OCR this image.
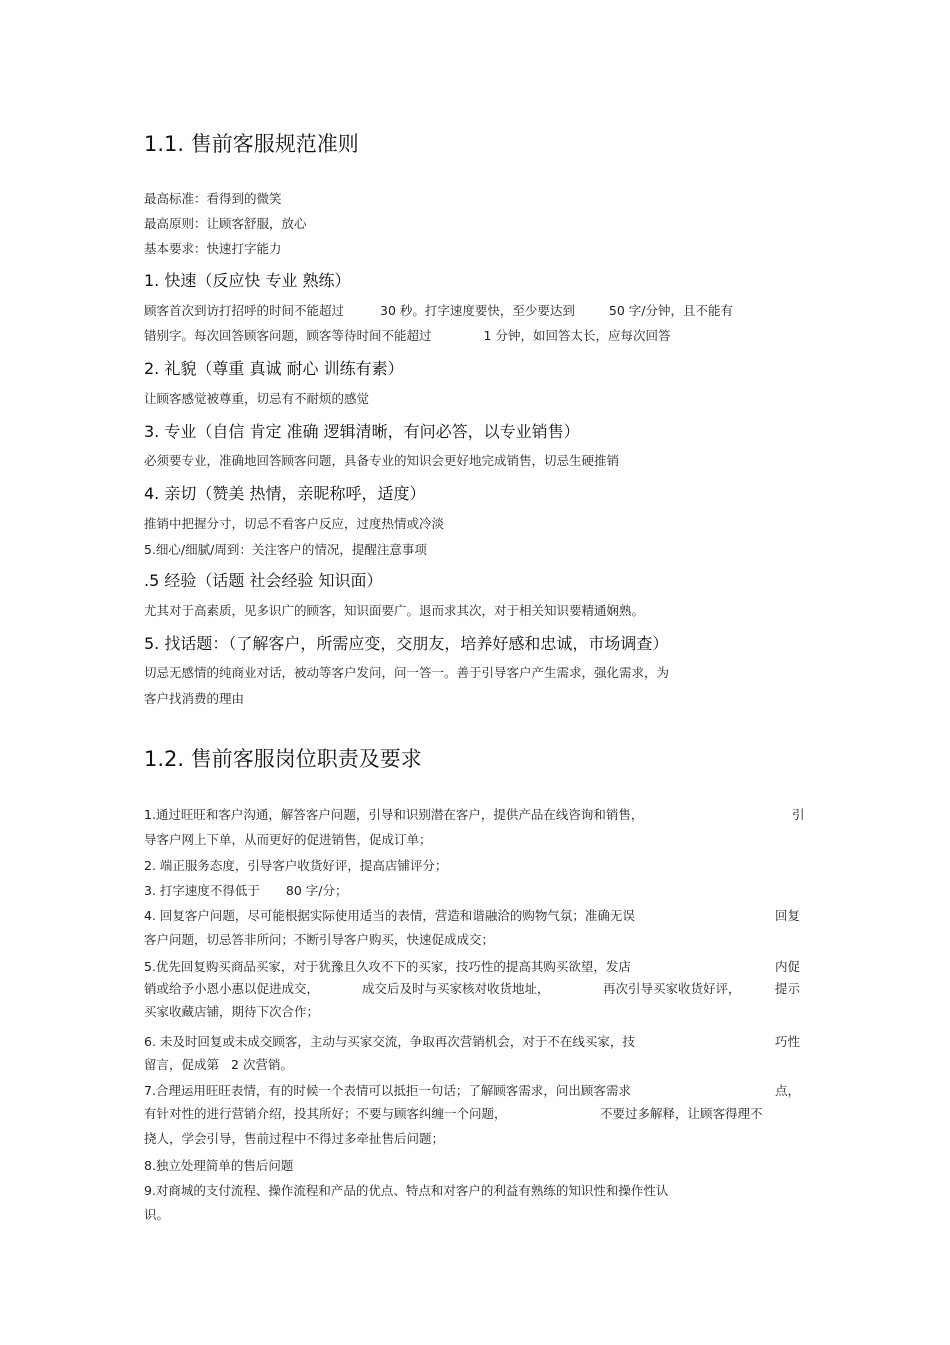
1.1. 售前客服规范准则
最高标准：看得到的微笑
最高原则：让顾客舒服，放心
基本要求：快速打字能力
1. 快速（反应快 专业 熟练）
顾客首次到访打招呼的时间不能超过	30 秒。打字速度要快，至少要达到	50 字/分钟，且不能有
错别字。每次回答顾客问题，顾客等待时间不能超过	1 分钟，如回答太长，应每次回答
2. 礼貌（尊重 真诚 耐心 训练有素）
让顾客感觉被尊重，切忌有不耐烦的感觉
3. 专业（自信 肯定 准确 逻辑清晰，有问必答，以专业销售）
必须要专业，准确地回答顾客问题，具备专业的知识会更好地完成销售，切忌生硬推销
4. 亲切（赞美 热情，亲昵称呼，适度）
推销中把握分寸，切忌不看客户反应，过度热情或冷淡
5.细心/细腻/周到：关注客户的情况，提醒注意事项
.5 经验（话题 社会经验 知识面）
尤其对于高素质，见多识广的顾客，知识面要广。退而求其次，对于相关知识要精通娴熟。
5. 找话题：（了解客户，所需应变，交朋友，培养好感和忠诚，市场调查）
切忌无感情的纯商业对话，被动等客户发问，问一答一。善于引导客户产生需求，强化需求，为
客户找消费的理由
1.2. 售前客服岗位职责及要求
1.通过旺旺和客户沟通，解答客户问题，引导和识别潜在客户，提供产品在线咨询和销售，	引
导客户网上下单，从而更好的促进销售，促成订单；
2. 端正服务态度，引导客户收货好评，提高店铺评分；
3. 打字速度不得低于 80 字/分；
4. 回复客户问题，尽可能根据实际使用适当的表情，营造和谐融洽的购物气氛；准确无误	回复
客户问题，切忌答非所问；不断引导客户购买，快速促成成交；
5.优先回复购买商品买家，对于犹豫且久攻不下的买家，技巧性的提高其购买欲望，发店	内促
销或给予小恩小惠以促进成交，	成交后及时与买家核对收货地址，	再次引导买家收货好评，	提示
买家收藏店铺，期待下次合作；
6. 未及时回复或未成交顾客，主动与买家交流，争取再次营销机会，对于不在线买家，技	巧性
留言，促成第 2 次营销。
7.合理运用旺旺表情，有的时候一个表情可以抵拒一句话；了解顾客需求，问出顾客需求	点，
有针对性的进行营销介绍，投其所好；不要与顾客纠缠一个问题，	不要过多解释，让顾客得理不
挠人，学会引导，售前过程中不得过多牵扯售后问题；
8.独立处理简单的售后问题
9.对商城的支付流程、操作流程和产品的优点、特点和对客户的利益有熟练的知识性和操作性认
识。
